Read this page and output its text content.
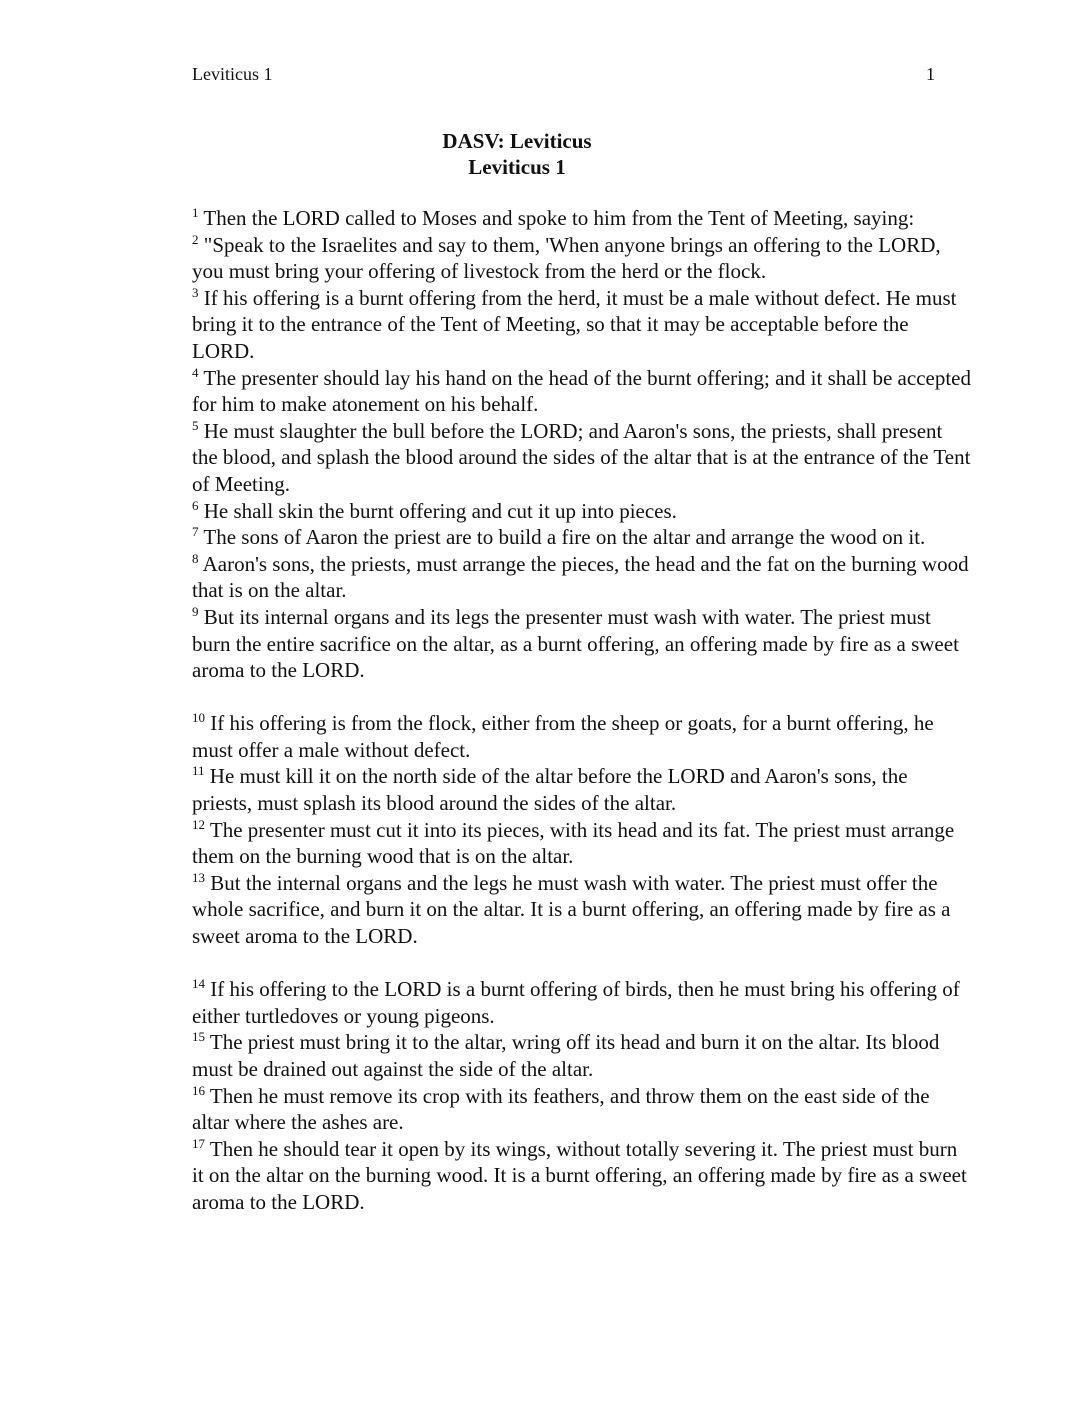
Leviticus 1	1
DASV: Leviticus
Leviticus 1

$^1$ Then the LORD called to Moses and spoke to him from the Tent of Meeting, saying:

$^2$ "Speak to the Israelites and say to them, 'When anyone brings an offering to the LORD, you must bring your offering of livestock from the herd or the flock.

$^3$ If his offering is a burnt offering from the herd, it must be a male without defect. He must bring it to the entrance of the Tent of Meeting, so that it may be acceptable before the LORD.

$^4$ The presenter should lay his hand on the head of the burnt offering; and it shall be accepted for him to make atonement on his behalf.

$^5$ He must slaughter the bull before the LORD; and Aaron's sons, the priests, shall present the blood, and splash the blood around the sides of the altar that is at the entrance of the Tent of Meeting.

$^6$ He shall skin the burnt offering and cut it up into pieces.

$^7$ The sons of Aaron the priest are to build a fire on the altar and arrange the wood on it.

$^8$ Aaron's sons, the priests, must arrange the pieces, the head and the fat on the burning wood that is on the altar.

$^9$ But its internal organs and its legs the presenter must wash with water. The priest must burn the entire sacrifice on the altar, as a burnt offering, an offering made by fire as a sweet aroma to the LORD.

$^{10}$ If his offering is from the flock, either from the sheep or goats, for a burnt offering, he must offer a male without defect.

$^{11}$ He must kill it on the north side of the altar before the LORD and Aaron's sons, the priests, must splash its blood around the sides of the altar.

$^{12}$ The presenter must cut it into its pieces, with its head and its fat. The priest must arrange them on the burning wood that is on the altar.

$^{13}$ But the internal organs and the legs he must wash with water. The priest must offer the whole sacrifice, and burn it on the altar. It is a burnt offering, an offering made by fire as a sweet aroma to the LORD.

$^{14}$ If his offering to the LORD is a burnt offering of birds, then he must bring his offering of either turtledoves or young pigeons.

$^{15}$ The priest must bring it to the altar, wring off its head and burn it on the altar. Its blood must be drained out against the side of the altar.

$^{16}$ Then he must remove its crop with its feathers, and throw them on the east side of the altar where the ashes are.

$^{17}$ Then he should tear it open by its wings, without totally severing it. The priest must burn it on the altar on the burning wood. It is a burnt offering, an offering made by fire as a sweet aroma to the LORD.
